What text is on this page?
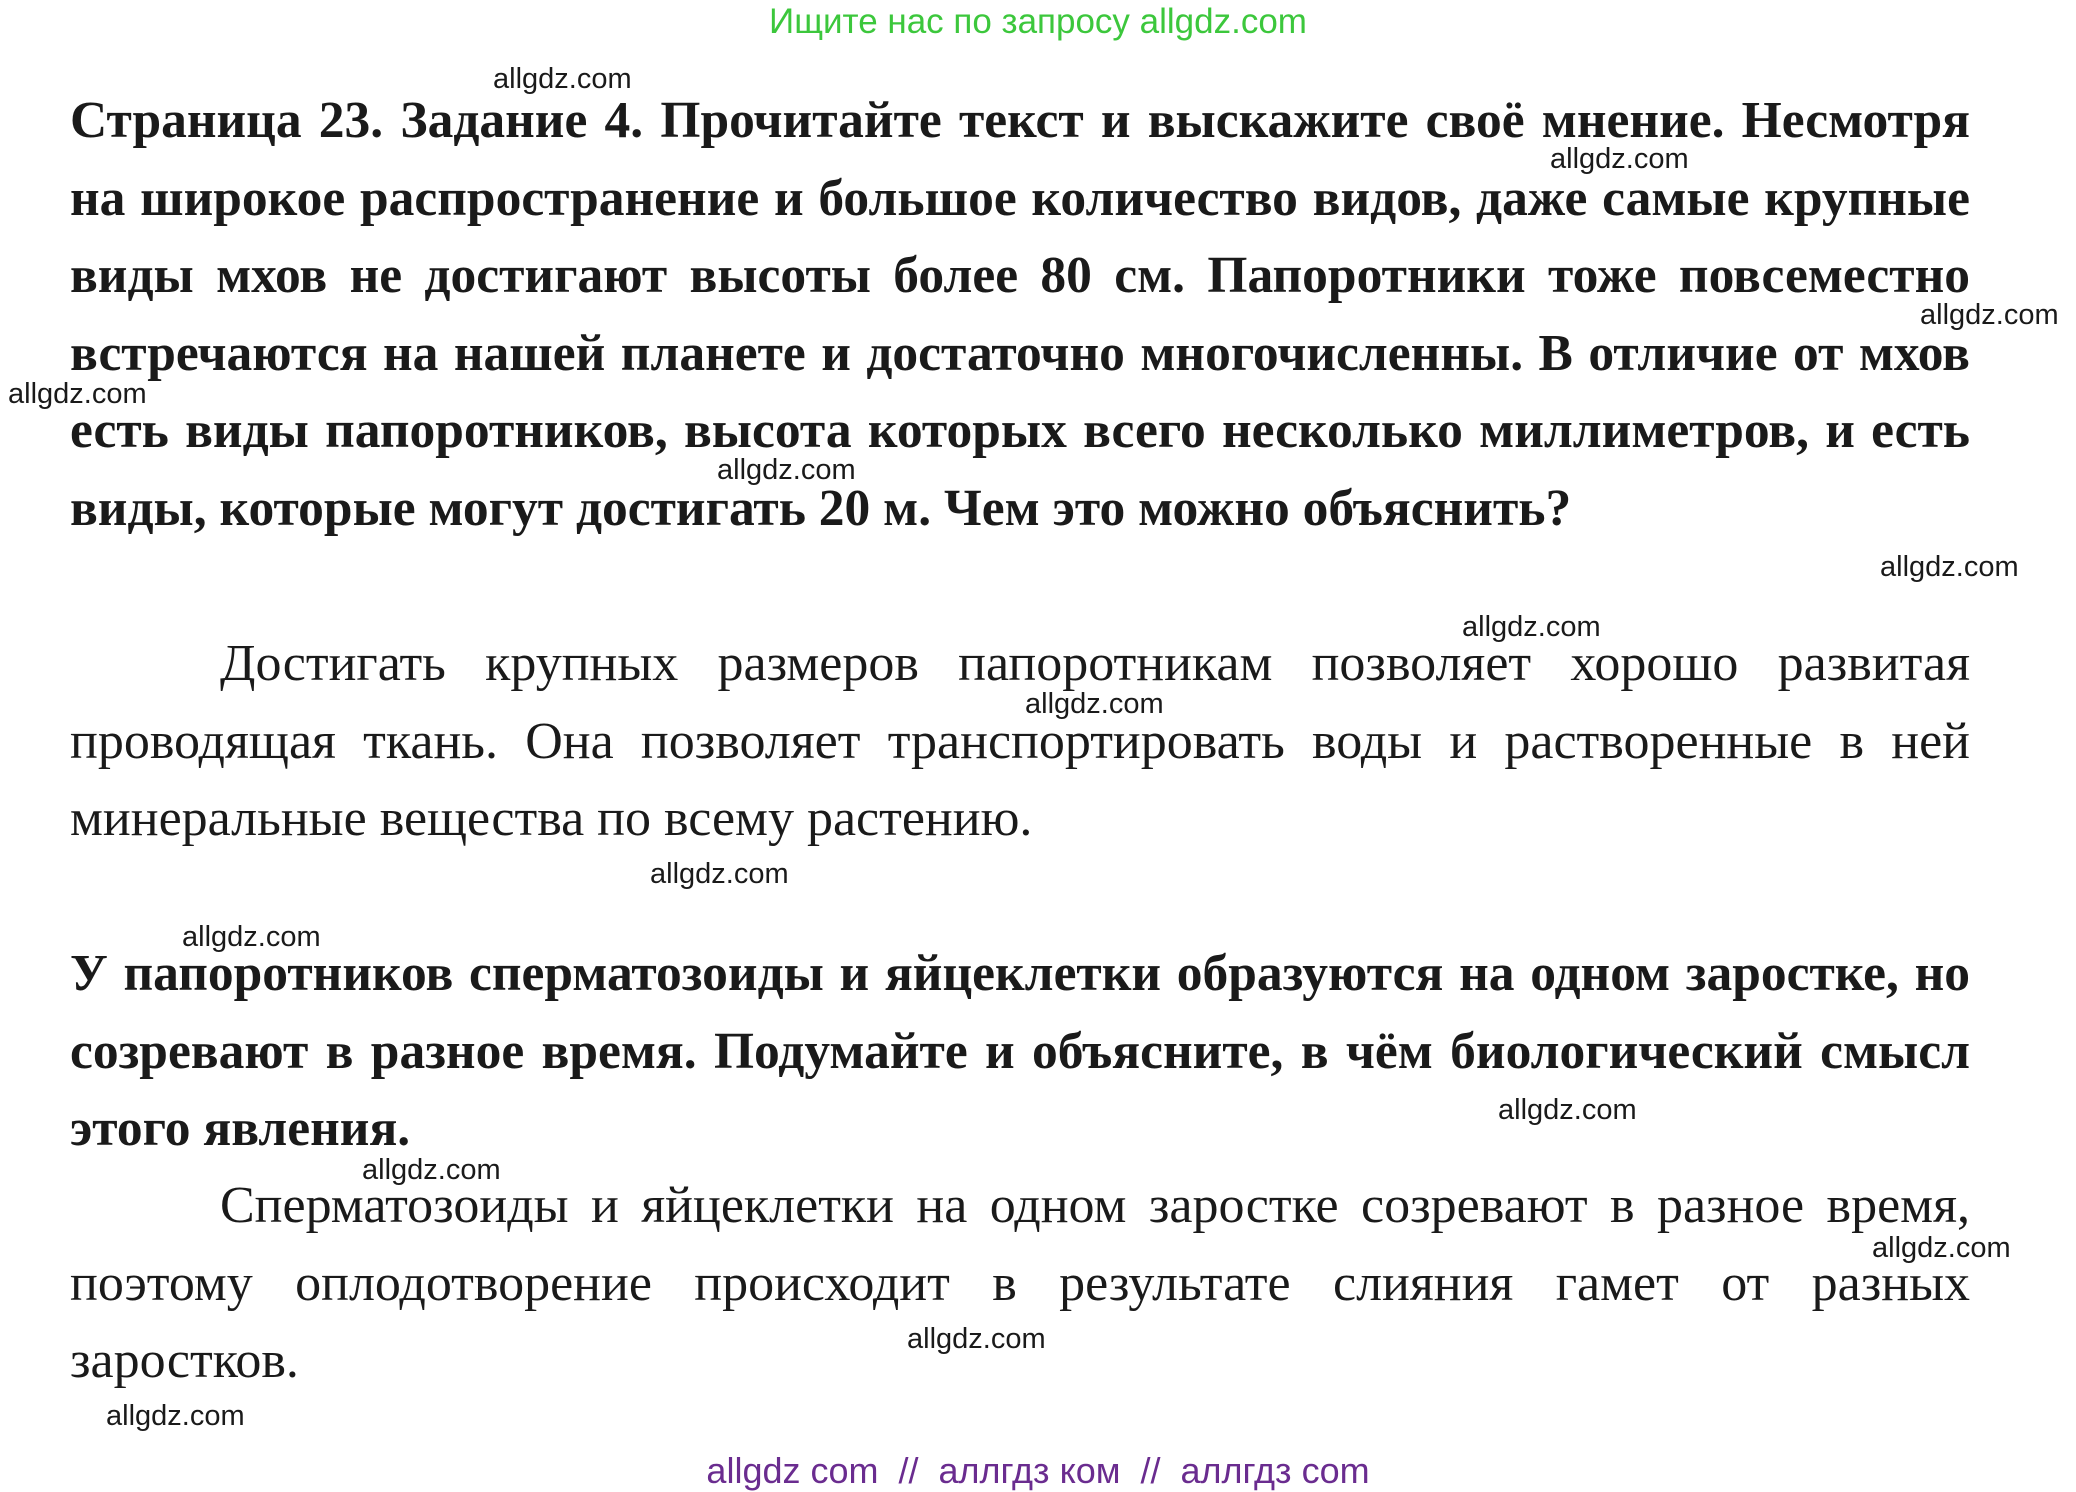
Ищите нас по запросу allgdz.com
Страница 23. Задание 4. Прочитайте текст и выскажите своё мнение. Несмотря на широкое распространение и большое количество видов, даже самые крупные виды мхов не достигают высоты более 80 см. Папоротники тоже повсеместно встречаются на нашей планете и достаточно многочисленны. В отличие от мхов есть виды папоротников, высота которых всего несколько миллиметров, и есть виды, которые могут достигать 20 м. Чем это можно объяснить?
Достигать крупных размеров папоротникам позволяет хорошо развитая проводящая ткань. Она позволяет транспортировать воды и растворенные в ней минеральные вещества по всему растению.
У папоротников сперматозоиды и яйцеклетки образуются на одном заростке, но созревают в разное время. Подумайте и объясните, в чём биологический смысл этого явления.
Сперматозоиды и яйцеклетки на одном заростке созревают в разное время, поэтому оплодотворение происходит в результате слияния гамет от разных заростков.
allgdz.com
allgdz.com
allgdz.com
allgdz.com
allgdz.com
allgdz.com
allgdz.com
allgdz.com
allgdz.com
allgdz.com
allgdz.com
allgdz.com
allgdz.com
allgdz.com
allgdz.com
allgdz com  //  аллгдз ком  //  аллгдз com
